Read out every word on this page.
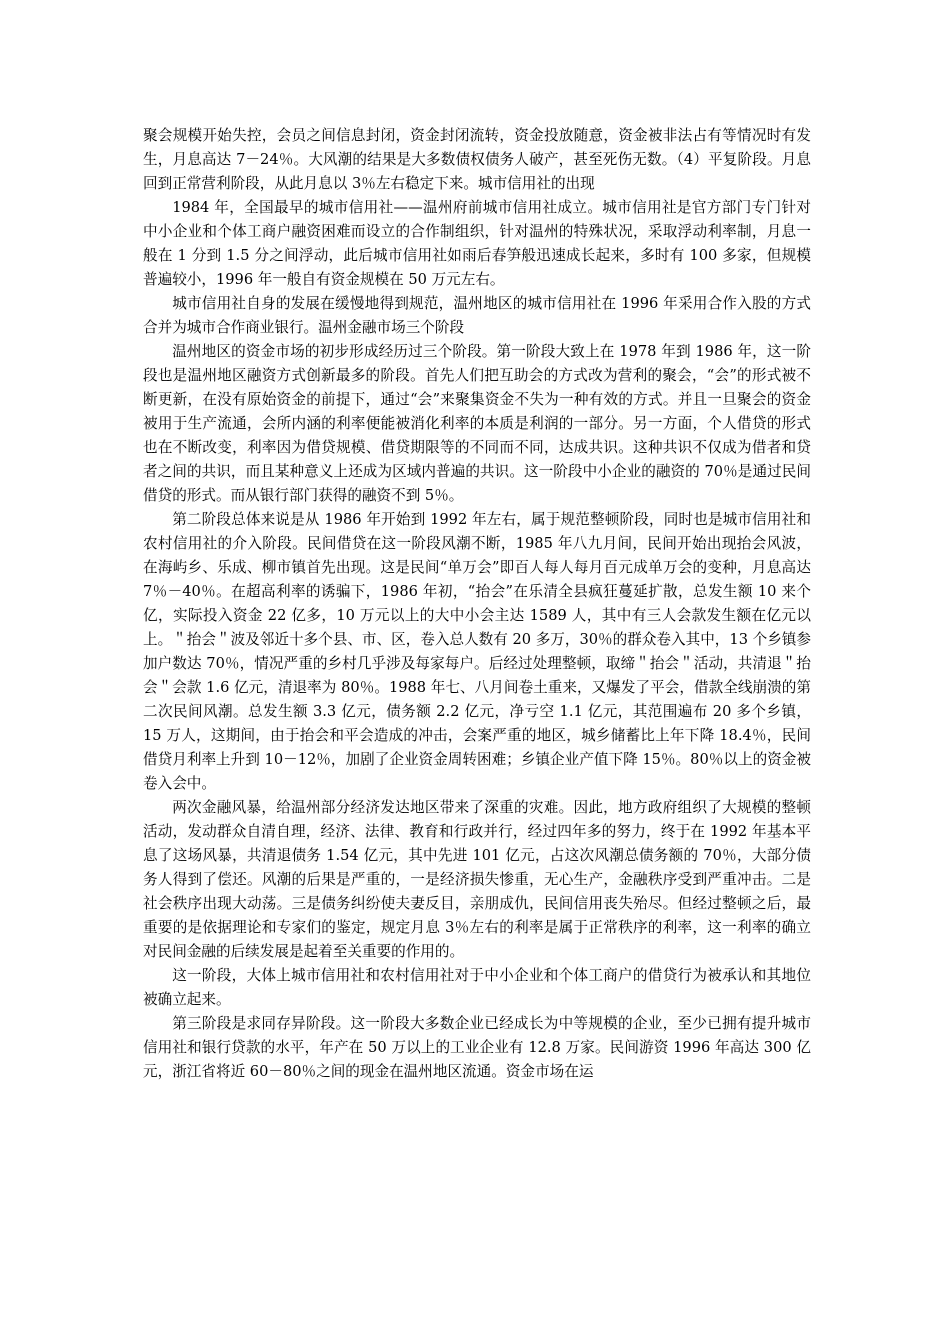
聚会规模开始失控，会员之间信息封闭，资金封闭流转，资金投放随意，资金被非法占有等情况时有发生，月息高达 7－24％。大风潮的结果是大多数债权债务人破产，甚至死伤无数。（4）平复阶段。月息回到正常营利阶段，从此月息以 3％左右稳定下来。城市信用社的出现

1984 年，全国最早的城市信用社——温州府前城市信用社成立。城市信用社是官方部门专门针对中小企业和个体工商户融资困难而设立的合作制组织，针对温州的特殊状况，采取浮动利率制，月息一般在 1 分到 1.5 分之间浮动，此后城市信用社如雨后春笋般迅速成长起来，多时有 100 多家，但规模普遍较小，1996 年一般自有资金规模在 50 万元左右。

城市信用社自身的发展在缓慢地得到规范，温州地区的城市信用社在 1996 年采用合作入股的方式合并为城市合作商业银行。温州金融市场三个阶段

温州地区的资金市场的初步形成经历过三个阶段。第一阶段大致上在 1978 年到 1986 年，这一阶段也是温州地区融资方式创新最多的阶段。首先人们把互助会的方式改为营利的聚会，“会”的形式被不断更新，在没有原始资金的前提下，通过“会”来聚集资金不失为一种有效的方式。并且一旦聚会的资金被用于生产流通，会所内涵的利率便能被消化利率的本质是利润的一部分。另一方面，个人借贷的形式也在不断改变，利率因为借贷规模、借贷期限等的不同而不同，达成共识。这种共识不仅成为借者和贷者之间的共识，而且某种意义上还成为区域内普遍的共识。这一阶段中小企业的融资的 70％是通过民间借贷的形式。而从银行部门获得的融资不到 5％。

第二阶段总体来说是从 1986 年开始到 1992 年左右，属于规范整顿阶段，同时也是城市信用社和农村信用社的介入阶段。民间借贷在这一阶段风潮不断，1985 年八九月间，民间开始出现抬会风波，在海屿乡、乐成、柳市镇首先出现。这是民间“单万会”即百人每人每月百元成单万会的变种，月息高达 7％－40％。在超高利率的诱骗下，1986 年初，“抬会”在乐清全县疯狂蔓延扩散，总发生额 10 来个亿，实际投入资金 22 亿多，10 万元以上的大中小会主达 1589 人，其中有三人会款发生额在亿元以上。＂抬会＂波及邻近十多个县、市、区，卷入总人数有 20 多万，30％的群众卷入其中，13 个乡镇参加户数达 70％，情况严重的乡村几乎涉及每家每户。后经过处理整顿，取缔＂抬会＂活动，共清退＂抬会＂会款 1.6 亿元，清退率为 80％。1988 年七、八月间卷土重来，又爆发了平会，借款全线崩溃的第二次民间风潮。总发生额 3.3 亿元，债务额 2.2 亿元，净亏空 1.1 亿元，其范围遍布 20 多个乡镇，15 万人，这期间，由于抬会和平会造成的冲击，会案严重的地区，城乡储蓄比上年下降 18.4％，民间借贷月利率上升到 10－12％，加剧了企业资金周转困难；乡镇企业产值下降 15％。80％以上的资金被卷入会中。

两次金融风暴，给温州部分经济发达地区带来了深重的灾难。因此，地方政府组织了大规模的整顿活动，发动群众自清自理，经济、法律、教育和行政并行，经过四年多的努力，终于在 1992 年基本平息了这场风暴，共清退债务 1.54 亿元，其中先进 101 亿元，占这次风潮总债务额的 70％，大部分债务人得到了偿还。风潮的后果是严重的，一是经济损失惨重，无心生产，金融秩序受到严重冲击。二是社会秩序出现大动荡。三是债务纠纷使夫妻反目，亲朋成仇，民间信用丧失殆尽。但经过整顿之后，最重要的是依据理论和专家们的鉴定，规定月息 3％左右的利率是属于正常秩序的利率，这一利率的确立对民间金融的后续发展是起着至关重要的作用的。

这一阶段，大体上城市信用社和农村信用社对于中小企业和个体工商户的借贷行为被承认和其地位被确立起来。

第三阶段是求同存异阶段。这一阶段大多数企业已经成长为中等规模的企业，至少已拥有提升城市信用社和银行贷款的水平，年产在 50 万以上的工业企业有 12.8 万家。民间游资 1996 年高达 300 亿元，浙江省将近 60－80％之间的现金在温州地区流通。资金市场在运
